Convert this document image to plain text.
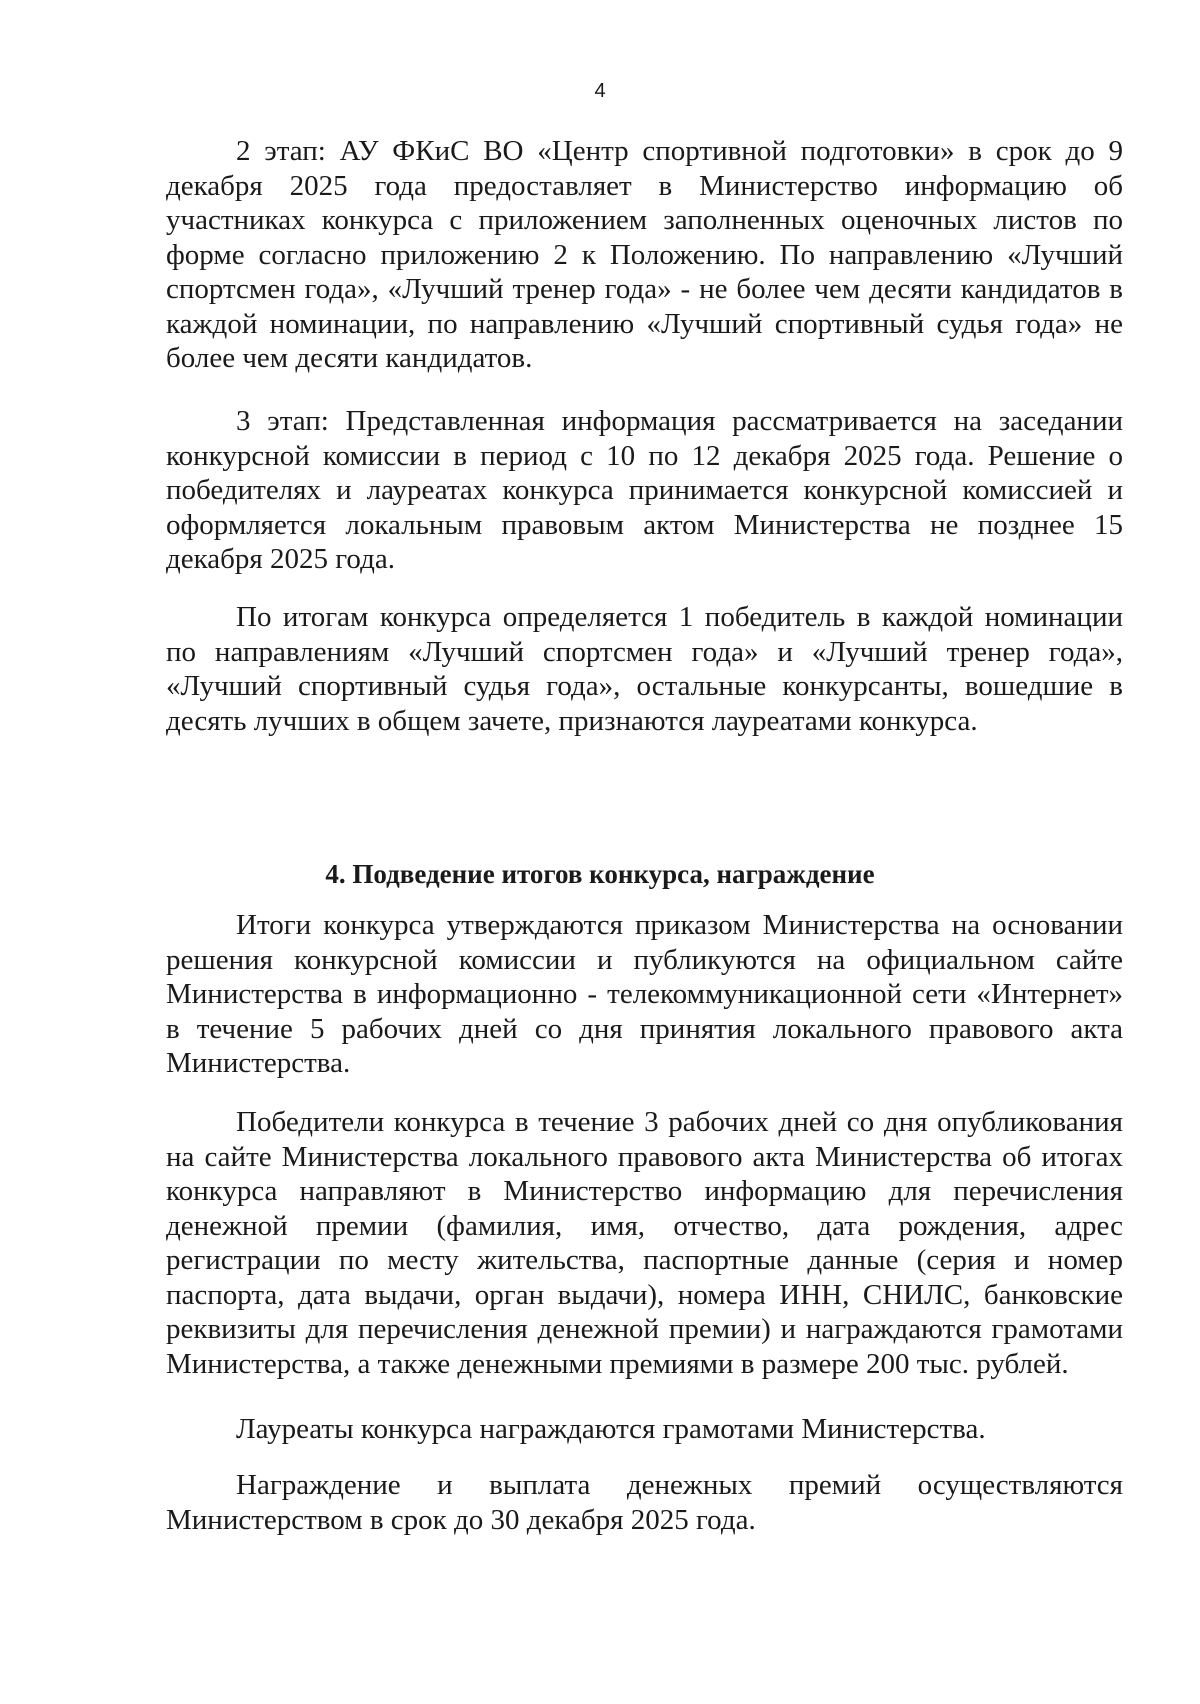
4

2 этап: АУ ФКиС ВО «Центр спортивной подготовки» в срок до 9 декабря 2025 года предоставляет в Министерство информацию об участниках конкурса с приложением заполненных оценочных листов по форме согласно приложению 2 к Положению. По направлению «Лучший спортсмен года», «Лучший тренер года» - не более чем десяти кандидатов в каждой номинации, по направлению «Лучший спортивный судья года» не более чем десяти кандидатов.

3 этап: Представленная информация рассматривается на заседании конкурсной комиссии в период с 10 по 12 декабря 2025 года. Решение о победителях и лауреатах конкурса принимается конкурсной комиссией и оформляется локальным правовым актом Министерства не позднее 15 декабря 2025 года.

По итогам конкурса определяется 1 победитель в каждой номинации по направлениям «Лучший спортсмен года» и «Лучший тренер года», «Лучший спортивный судья года», остальные конкурсанты, вошедшие в десять лучших в общем зачете, признаются лауреатами конкурса.

4. Подведение итогов конкурса, награждение

Итоги конкурса утверждаются приказом Министерства на основании решения конкурсной комиссии и публикуются на официальном сайте Министерства в информационно - телекоммуникационной сети «Интернет» в течение 5 рабочих дней со дня принятия локального правового акта Министерства.

Победители конкурса в течение 3 рабочих дней со дня опубликования на сайте Министерства локального правового акта Министерства об итогах конкурса направляют в Министерство информацию для перечисления денежной премии (фамилия, имя, отчество, дата рождения, адрес регистрации по месту жительства, паспортные данные (серия и номер паспорта, дата выдачи, орган выдачи), номера ИНН, СНИЛС, банковские реквизиты для перечисления денежной премии) и награждаются грамотами Министерства, а также денежными премиями в размере 200 тыс. рублей.

Лауреаты конкурса награждаются грамотами Министерства.

Награждение и выплата денежных премий осуществляются Министерством в срок до 30 декабря 2025 года.
